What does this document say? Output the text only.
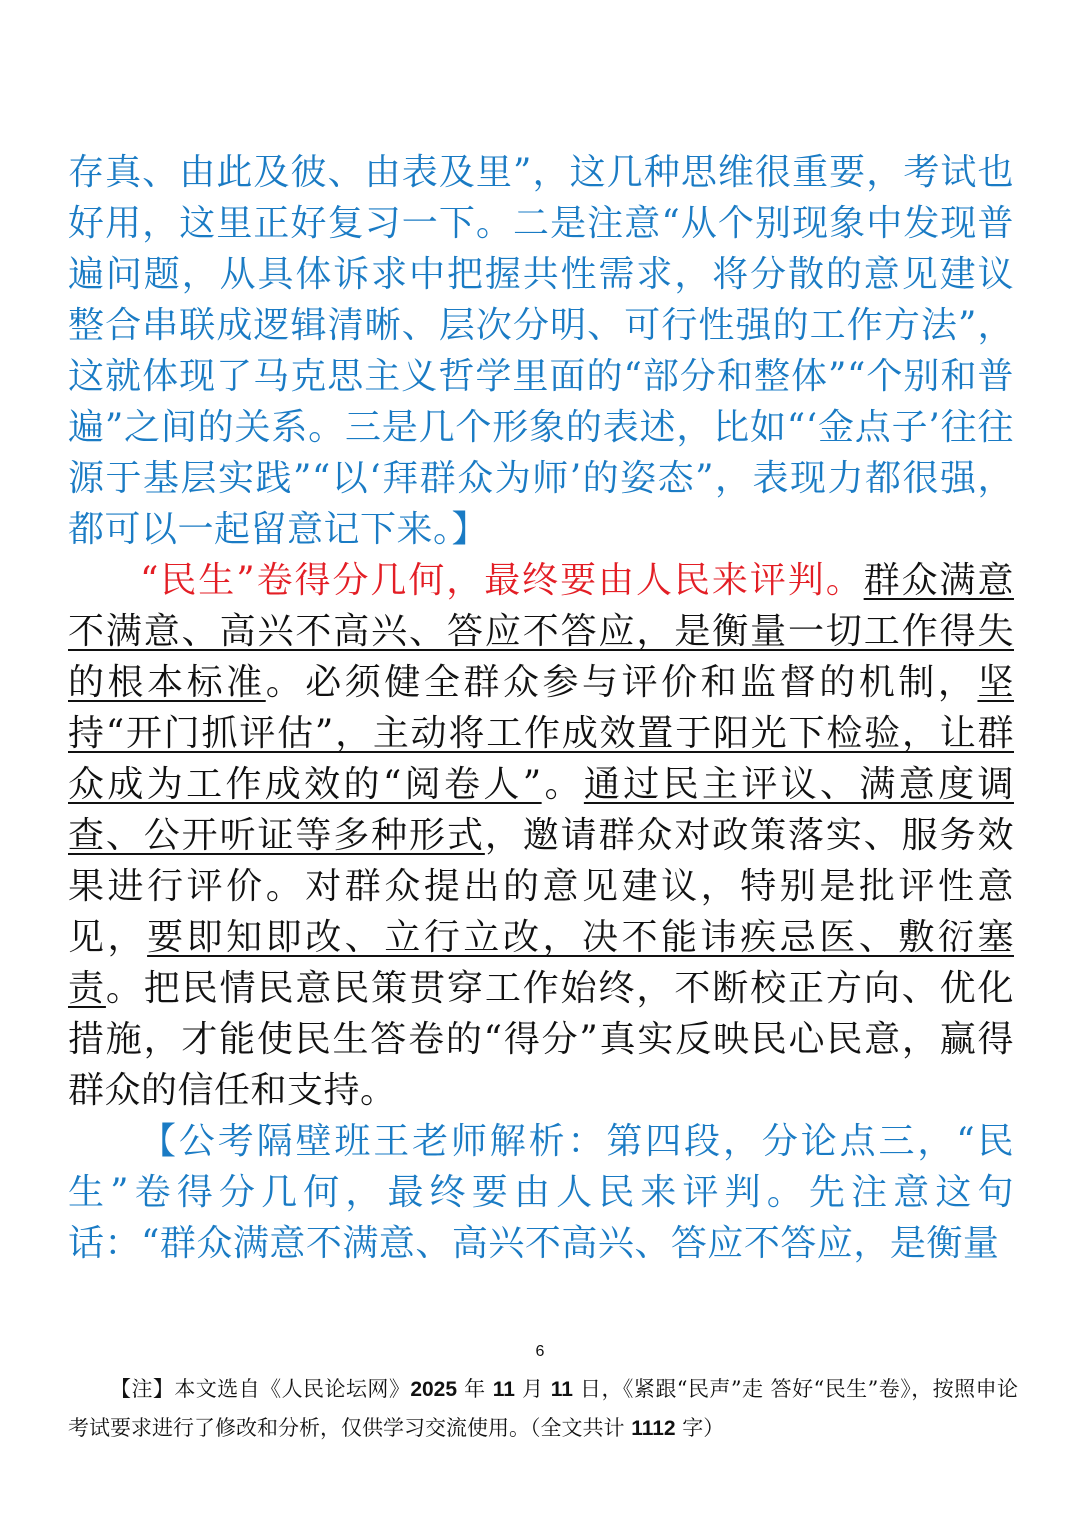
存真、由此及彼、由表及里”，这几种思维很重要，考试也好用，这里正好复习一下。二是注意“从个别现象中发现普遍问题，从具体诉求中把握共性需求，将分散的意见建议整合串联成逻辑清晰、层次分明、可行性强的工作方法”，这就体现了马克思主义哲学里面的“部分和整体”“个别和普遍”之间的关系。三是几个形象的表述，比如“‘金点子’往往源于基层实践”“以‘拜群众为师’的姿态”，表现力都很强，都可以一起留意记下来。】

“民生”卷得分几何，最终要由人民来评判。群众满意不满意、高兴不高兴、答应不答应，是衡量一切工作得失的根本标准。必须健全群众参与评价和监督的机制，坚持“开门抓评估”，主动将工作成效置于阳光下检验，让群众成为工作成效的“阅卷人”。通过民主评议、满意度调查、公开听证等多种形式，邀请群众对政策落实、服务效果进行评价。对群众提出的意见建议，特别是批评性意见，要即知即改、立行立改，决不能讳疾忌医、敷衍塞责。把民情民意民策贯穿工作始终，不断校正方向、优化措施，才能使民生答卷的“得分”真实反映民心民意，赢得群众的信任和支持。

【公考隔壁班王老师解析：第四段，分论点三，“民生”卷得分几何，最终要由人民来评判。先注意这句话：“群众满意不满意、高兴不高兴、答应不答应，是衡量

6
【注】本文选自《人民论坛网》2025 年 11 月 11 日，《紧跟“民声”走 答好“民生”卷》，按照申论考试要求进行了修改和分析，仅供学习交流使用。（全文共计 1112 字）
